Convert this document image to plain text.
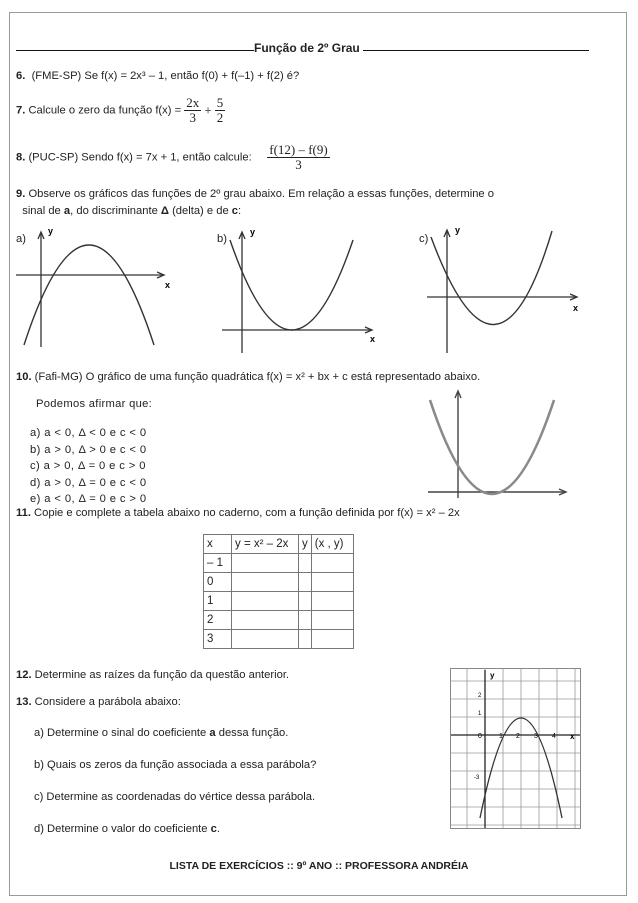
Função de 2º Grau
6. (FME-SP) Se f(x) = 2x³ – 1, então f(0) + f(–1) + f(2) é?
7. Calcule o zero da função $f(x) = \frac{2x}{3} + \frac{5}{2}$
8. (PUC-SP) Sendo f(x) = 7x + 1, então calcule: $\frac{f(12) - f(9)}{3}$
9. Observe os gráficos das funções de 2º grau abaixo. Em relação a essas funções, determine o
sinal de a, do discriminante Δ (delta) e de c:
a)	b)	c)
y
x
y
x
y
x
10. (Fafi-MG) O gráfico de uma função quadrática f(x) = x² + bx + c está representado abaixo.
Podemos afirmar que:
a) a < 0, Δ < 0 e c < 0
b) a > 0, Δ > 0 e c < 0
c) a > 0, Δ = 0 e c > 0
d) a > 0, Δ = 0 e c < 0
e) a < 0, Δ = 0 e c > 0
11. Copie e complete a tabela abaixo no caderno, com a função definida por f(x) = x² – 2x
x	y = x² – 2x	y	(x , y)
– 1			
0			
1			
2			
3			
12. Determine as raízes da função da questão anterior.
13. Considere a parábola abaixo:
a) Determine o sinal do coeficiente a dessa função.
b) Quais os zeros da função associada a essa parábola?
c) Determine as coordenadas do vértice dessa parábola.
d) Determine o valor do coeficiente c.
y
x
2
1
-3
0 1 2 3 4
LISTA DE EXERCÍCIOS :: 9º ANO :: PROFESSORA ANDRÉIA
